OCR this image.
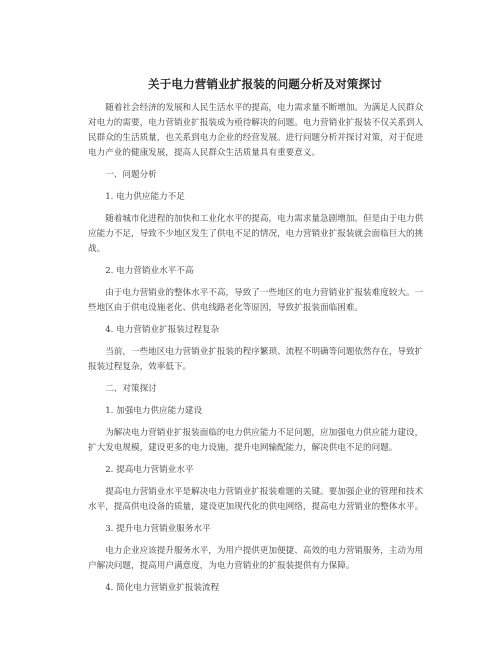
关于电力营销业扩报装的问题分析及对策探讨

随着社会经济的发展和人民生活水平的提高，电力需求量不断增加。为满足人民群众对电力的需要，电力营销业扩报装成为亟待解决的问题。电力营销业扩报装不仅关系到人民群众的生活质量，也关系到电力企业的经营发展。进行问题分析并探讨对策，对于促进电力产业的健康发展，提高人民群众生活质量具有重要意义。

一、问题分析

1. 电力供应能力不足

随着城市化进程的加快和工业化水平的提高，电力需求量急剧增加。但是由于电力供应能力不足，导致不少地区发生了供电不足的情况，电力营销业扩报装就会面临巨大的挑战。

2. 电力营销业水平不高

由于电力营销业的整体水平不高，导致了一些地区的电力营销业扩报装难度较大。一些地区由于供电设施老化、供电线路老化等原因，导致扩报装面临困难。

4. 电力营销业扩报装过程复杂

当前，一些地区电力营销业扩报装的程序繁琐、流程不明确等问题依然存在，导致扩报装过程复杂，效率低下。

二、对策探讨

1. 加强电力供应能力建设

为解决电力营销业扩报装面临的电力供应能力不足问题，应加强电力供应能力建设，扩大发电规模，建设更多的电力设施，提升电网输配能力，解决供电不足的问题。

2. 提高电力营销业水平

提高电力营销业水平是解决电力营销业扩报装难题的关键。要加强企业的管理和技术水平，提高供电设备的质量，建设更加现代化的供电网络，提高电力营销业的整体水平。

3. 提升电力营销业服务水平

电力企业应该提升服务水平，为用户提供更加便捷、高效的电力营销服务，主动为用户解决问题，提高用户满意度，为电力营销业的扩报装提供有力保障。

4. 简化电力营销业扩报装流程
